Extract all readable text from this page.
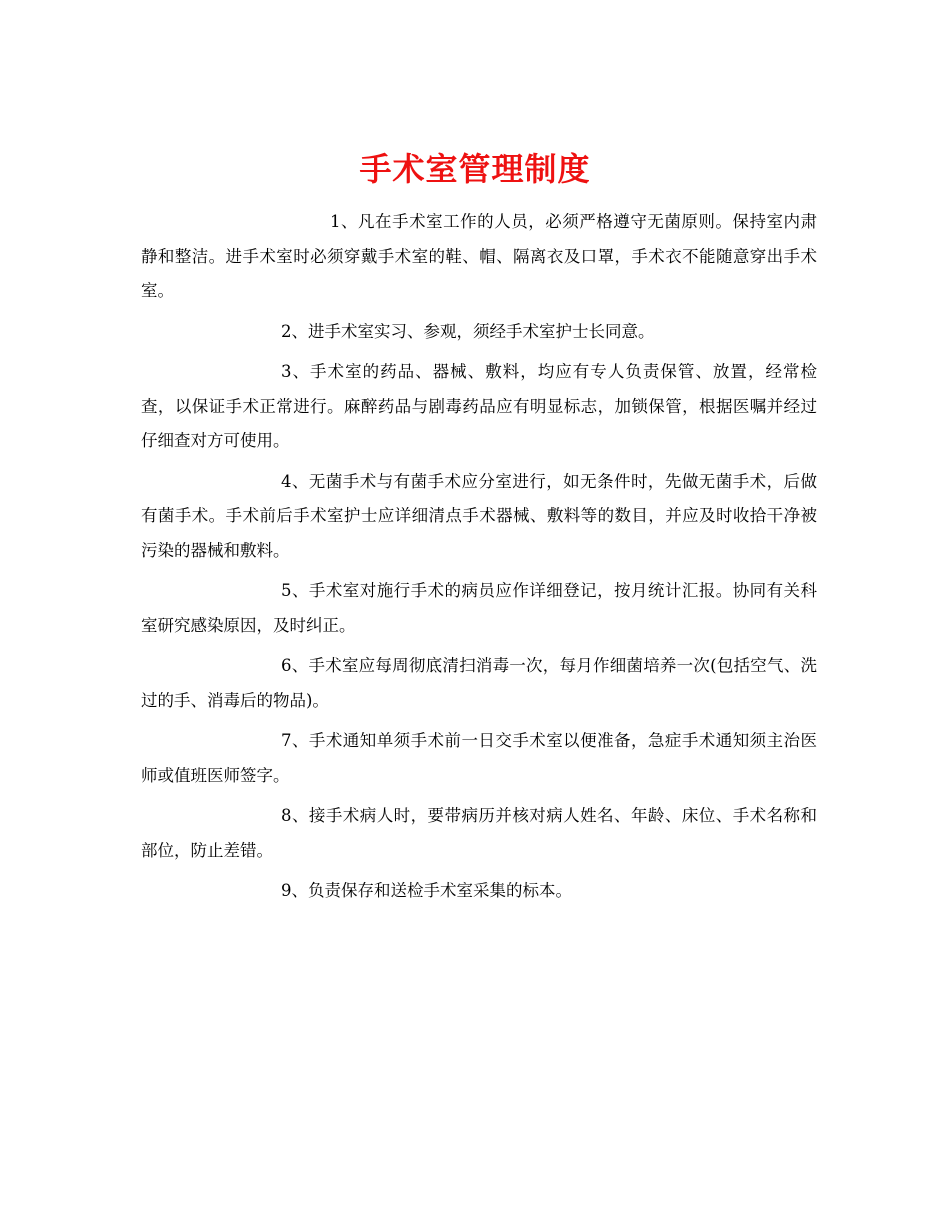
手术室管理制度

1、凡在手术室工作的人员，必须严格遵守无菌原则。保持室内肃静和整洁。进手术室时必须穿戴手术室的鞋、帽、隔离衣及口罩，手术衣不能随意穿出手术室。

2、进手术室实习、参观，须经手术室护士长同意。

3、手术室的药品、器械、敷料，均应有专人负责保管、放置，经常检查，以保证手术正常进行。麻醉药品与剧毒药品应有明显标志，加锁保管，根据医嘱并经过仔细查对方可使用。

4、无菌手术与有菌手术应分室进行，如无条件时，先做无菌手术，后做有菌手术。手术前后手术室护士应详细清点手术器械、敷料等的数目，并应及时收拾干净被污染的器械和敷料。

5、手术室对施行手术的病员应作详细登记，按月统计汇报。协同有关科室研究感染原因，及时纠正。

6、手术室应每周彻底清扫消毒一次，每月作细菌培养一次(包括空气、洗过的手、消毒后的物品)。

7、手术通知单须手术前一日交手术室以便准备，急症手术通知须主治医师或值班医师签字。

8、接手术病人时，要带病历并核对病人姓名、年龄、床位、手术名称和部位，防止差错。

9、负责保存和送检手术室采集的标本。
